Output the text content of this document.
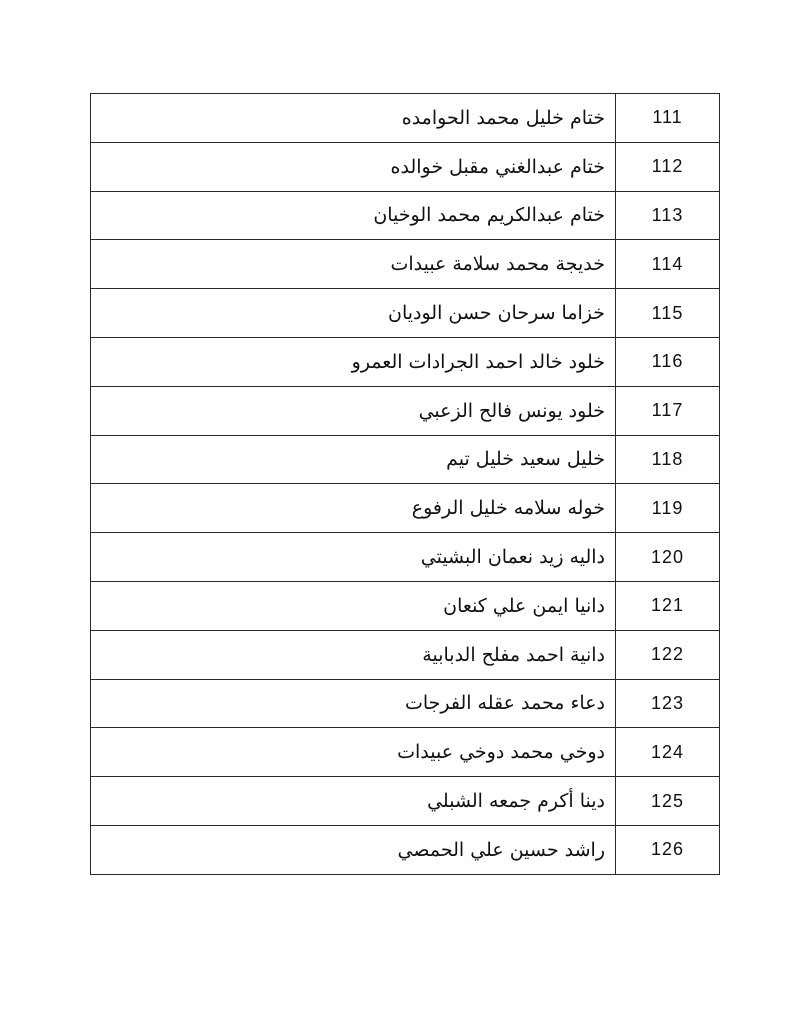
ختام خليل محمد الحوامده	111
ختام عبدالغني مقبل خوالده	112
ختام عبدالكريم محمد الوخيان	113
خديجة محمد سلامة عبيدات	114
خزاما سرحان حسن الوديان	115
خلود خالد احمد الجرادات العمرو	116
خلود يونس فالح الزعبي	117
خليل سعيد خليل تيم	118
خوله سلامه خليل الرفوع	119
داليه زيد نعمان البشيتي	120
دانيا ايمن علي كنعان	121
دانية احمد مفلح الدبابية	122
دعاء محمد عقله الفرجات	123
دوخي محمد دوخي عبيدات	124
دينا أكرم جمعه الشبلي	125
راشد حسين علي الحمصي	126
